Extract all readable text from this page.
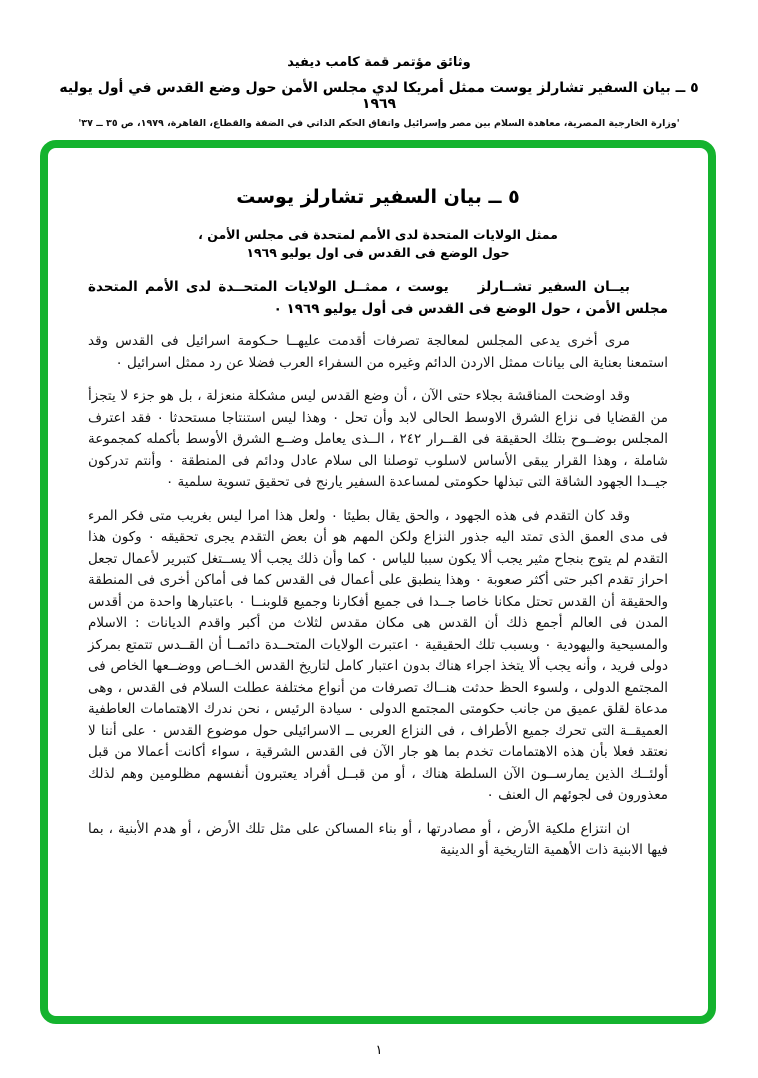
وثائق مؤتمر قمة كامب ديفيد
٥ ــ بيان السفير تشارلز يوست ممثل أمريكا لدي مجلس الأمن حول وضع القدس في أول يوليه ١٩٦٩
'وزارة الخارجية المصرية، معاهدة السلام بين مصر وإسرائيل واتفاق الحكم الذاتي في الضفة والقطاع، القاهرة، ١٩٧٩، ص ٣٥ ــ ٣٧'
٥ ــ بيان السفير تشارلز يوست
ممثل الولايات المتحدة لدى الأمم لمتحدة فى مجلس الأمن ،
حول الوضع فى القدس فى اول يوليو ١٩٦٩

بيــان السفير تشــارلز    يوست ، ممثــل الولايات المتحــدة لدى الأمم المتحدة مجلس الأمن ، حول الوضع فى القدس فى أول يوليو ١٩٦٩ ٠

مرى أخرى يدعى المجلس لمعالجة تصرفات أقدمت عليهــا حـكومة اسرائيل فى القدس وقد استمعنا بعناية الى بيانات ممثل الاردن الدائم وغيره من السفراء العرب فضلا عن رد ممثل اسرائيل ٠

وقد اوضحت المناقشة بجلاء حتى الآن ، أن وضع القدس ليس مشكلة منعزلة ، بل هو جزء لا يتجزأ من القضايا فى نزاع الشرق الاوسط الحالى لابد وأن تحل ٠ وهذا ليس استنتاجا مستحدثا ٠ فقد اعترف المجلس بوضــوح بتلك الحقيقة فى القــرار ٢٤٢ ، الــذى يعامل وضــع الشرق الأوسط بأكمله كمجموعة شاملة ، وهذا القرار يبقى الأساس لاسلوب توصلنا الى سلام عادل ودائم فى المنطقة ٠ وأنتم تدركون جيــدا الجهود الشاقة التى تبذلها حكومتى لمساعدة السفير يارنج فى تحقيق تسوية سلمية ٠

وقد كان التقدم فى هذه الجهود ، والحق يقال بطيئا ٠ ولعل هذا امرا ليس بغريب متى فكر المرء فى مدى العمق الذى تمتد اليه جذور النزاع ولكن المهم هو أن بعض التقدم يجرى تحقيقه ٠ وكون هذا التقدم لم يتوج بنجاح مثير يجب ألا يكون سببا للياس ٠ كما وأن ذلك يجب ألا يســتغل كتبرير لأعمال تجعل احراز تقدم اكبر حتى أكثر صعوبة ٠ وهذا ينطبق على أعمال فى القدس كما فى أماكن أخرى فى المنطقة والحقيقة أن القدس تحتل مكانا خاصا جــدا فى جميع أفكارنا وجميع قلوبنــا ٠ باعتبارها واحدة من أقدس المدن فى العالم أجمع ذلك أن القدس هى مكان مقدس لثلاث من أكبر واقدم الديانات : الاسلام والمسيحية واليهودية ٠ وبسبب تلك الحقيقية ٠ اعتبرت الولايات المتحــدة دائمــا أن القــدس تتمتع بمركز دولى فريد ، وأنه يجب ألا يتخذ اجراء هناك بدون اعتبار كامل لتاريخ القدس الخــاص ووضــعها الخاص فى المجتمع الدولى ، ولسوء الحظ حدثت هنــاك تصرفات من أنواع مختلفة عطلت السلام فى القدس ، وهى مدعاة لقلق عميق من جانب حكومتى المجتمع الدولى ٠ سيادة الرئيس ، نحن ندرك الاهتمامات العاطفية العميقــة التى تحرك جميع الأطراف ، فى النزاع العربى ــ الاسرائيلى حول موضوع القدس ٠ على أننا لا نعتقد فعلا بأن هذه الاهتمامات تخدم بما هو جار الآن فى القدس الشرقية ، سواء أكانت أعمالا من قبل أولئــك الذين يمارســون الآن السلطة هناك ، أو من قبــل أفراد يعتبرون أنفسهم مظلومين وهم لذلك معذورون فى لجوئهم ال العنف ٠

ان انتزاع ملكية الأرض ، أو مصادرتها ، أو بناء المساكن على مثل تلك الأرض ، أو هدم الأبنية ، بما فيها الابنية ذات الأهمية التاريخية أو الدينية

١
